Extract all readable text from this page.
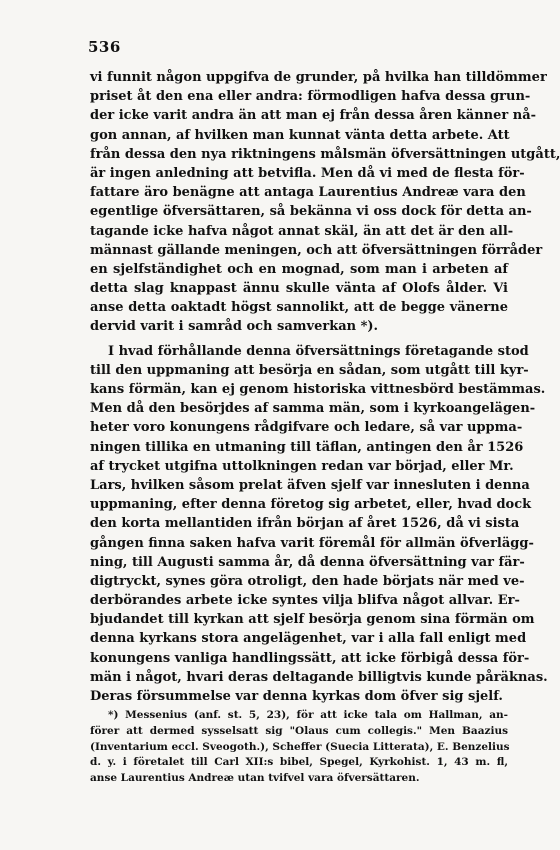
536
vi funnit någon uppgifva de grunder, på hvilka han tilldömmer
priset åt den ena eller andra: förmodligen hafva dessa grun-
der icke varit andra än att man ej från dessa åren känner nå-
gon annan, af hvilken man kunnat vänta detta arbete. Att
från dessa den nya riktningens målsmän öfversättningen utgått,
är ingen anledning att betvifla. Men då vi med de flesta för-
fattare äro benägne att antaga Laurentius Andreæ vara den
egentlige öfversättaren, så bekänna vi oss dock för detta an-
tagande icke hafva något annat skäl, än att det är den all-
männast gällande meningen, och att öfversättningen förråder
en sjelfständighet och en mognad, som man i arbeten af
detta slag knappast ännu skulle vänta af Olofs ålder. Vi
anse detta oaktadt högst sannolikt, att de begge vänerne
dervid varit i samråd och samverkan *).
I hvad förhållande denna öfversättnings företagande stod
till den uppmaning att besörja en sådan, som utgått till kyr-
kans förmän, kan ej genom historiska vittnesbörd bestämmas.
Men då den besörjdes af samma män, som i kyrkoangelägen-
heter voro konungens rådgifvare och ledare, så var uppma-
ningen tillika en utmaning till täflan, antingen den år 1526
af trycket utgifna uttolkningen redan var börjad, eller Mr.
Lars, hvilken såsom prelat äfven sjelf var innesluten i denna
uppmaning, efter denna företog sig arbetet, eller, hvad dock
den korta mellantiden ifrån början af året 1526, då vi sista
gången finna saken hafva varit föremål för allmän öfverlägg-
ning, till Augusti samma år, då denna öfversättning var fär-
digtryckt, synes göra otroligt, den hade börjats när med ve-
derbörandes arbete icke syntes vilja blifva något allvar. Er-
bjudandet till kyrkan att sjelf besörja genom sina förmän om
denna kyrkans stora angelägenhet, var i alla fall enligt med
konungens vanliga handlingssätt, att icke förbigå dessa för-
män i något, hvari deras deltagande billigtvis kunde påräknas.
Deras försummelse var denna kyrkas dom öfver sig sjelf.
*) Messenius (anf. st. 5, 23), för att icke tala om Hallman, an-
förer att dermed sysselsatt sig "Olaus cum collegis." Men Baazius
(Inventarium eccl. Sveogoth.), Scheffer (Suecia Litterata), E. Benzelius
d. y. i företalet till Carl XII:s bibel, Spegel, Kyrkohist. 1, 43 m. fl,
anse Laurentius Andreæ utan tvifvel vara öfversättaren.
